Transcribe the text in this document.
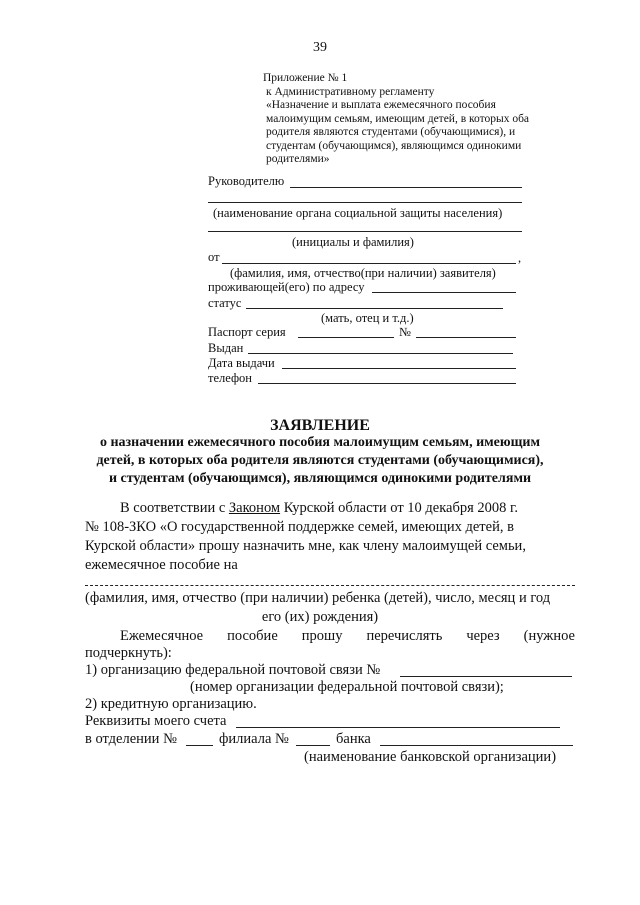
39
Приложение № 1
к Административному регламенту
«Назначение и выплата ежемесячного пособия
малоимущим семьям, имеющим детей, в которых оба
родителя являются студентами (обучающимися), и
студентам (обучающимся), являющимся одинокими
родителями»
Руководителю
(наименование органа социальной защиты населения)
(инициалы и фамилия)
от	,
(фамилия, имя, отчество(при наличии) заявителя)
проживающей(его) по адресу
статус
(мать, отец и т.д.)
Паспорт серия	№
Выдан
Дата выдачи
телефон
ЗАЯВЛЕНИЕ
о назначении ежемесячного пособия малоимущим семьям, имеющим
детей, в которых оба родителя являются студентами (обучающимися),
и студентам (обучающимся), являющимся одинокими родителями
В соответствии с Законом Курской области от 10 декабря 2008 г.
№ 108-ЗКО «О государственной поддержке семей, имеющих детей, в
Курской области» прошу назначить мне, как члену малоимущей семьи,
ежемесячное пособие на
(фамилия, имя, отчество (при наличии) ребенка (детей), число, месяц и год
его (их) рождения)
Ежемесячное пособие прошу перечислять через (нужное
подчеркнуть):
1) организацию федеральной почтовой связи №
(номер организации федеральной почтовой связи);
2) кредитную организацию.
Реквизиты моего счета
в отделении №	филиала №	банка
(наименование банковской организации)
